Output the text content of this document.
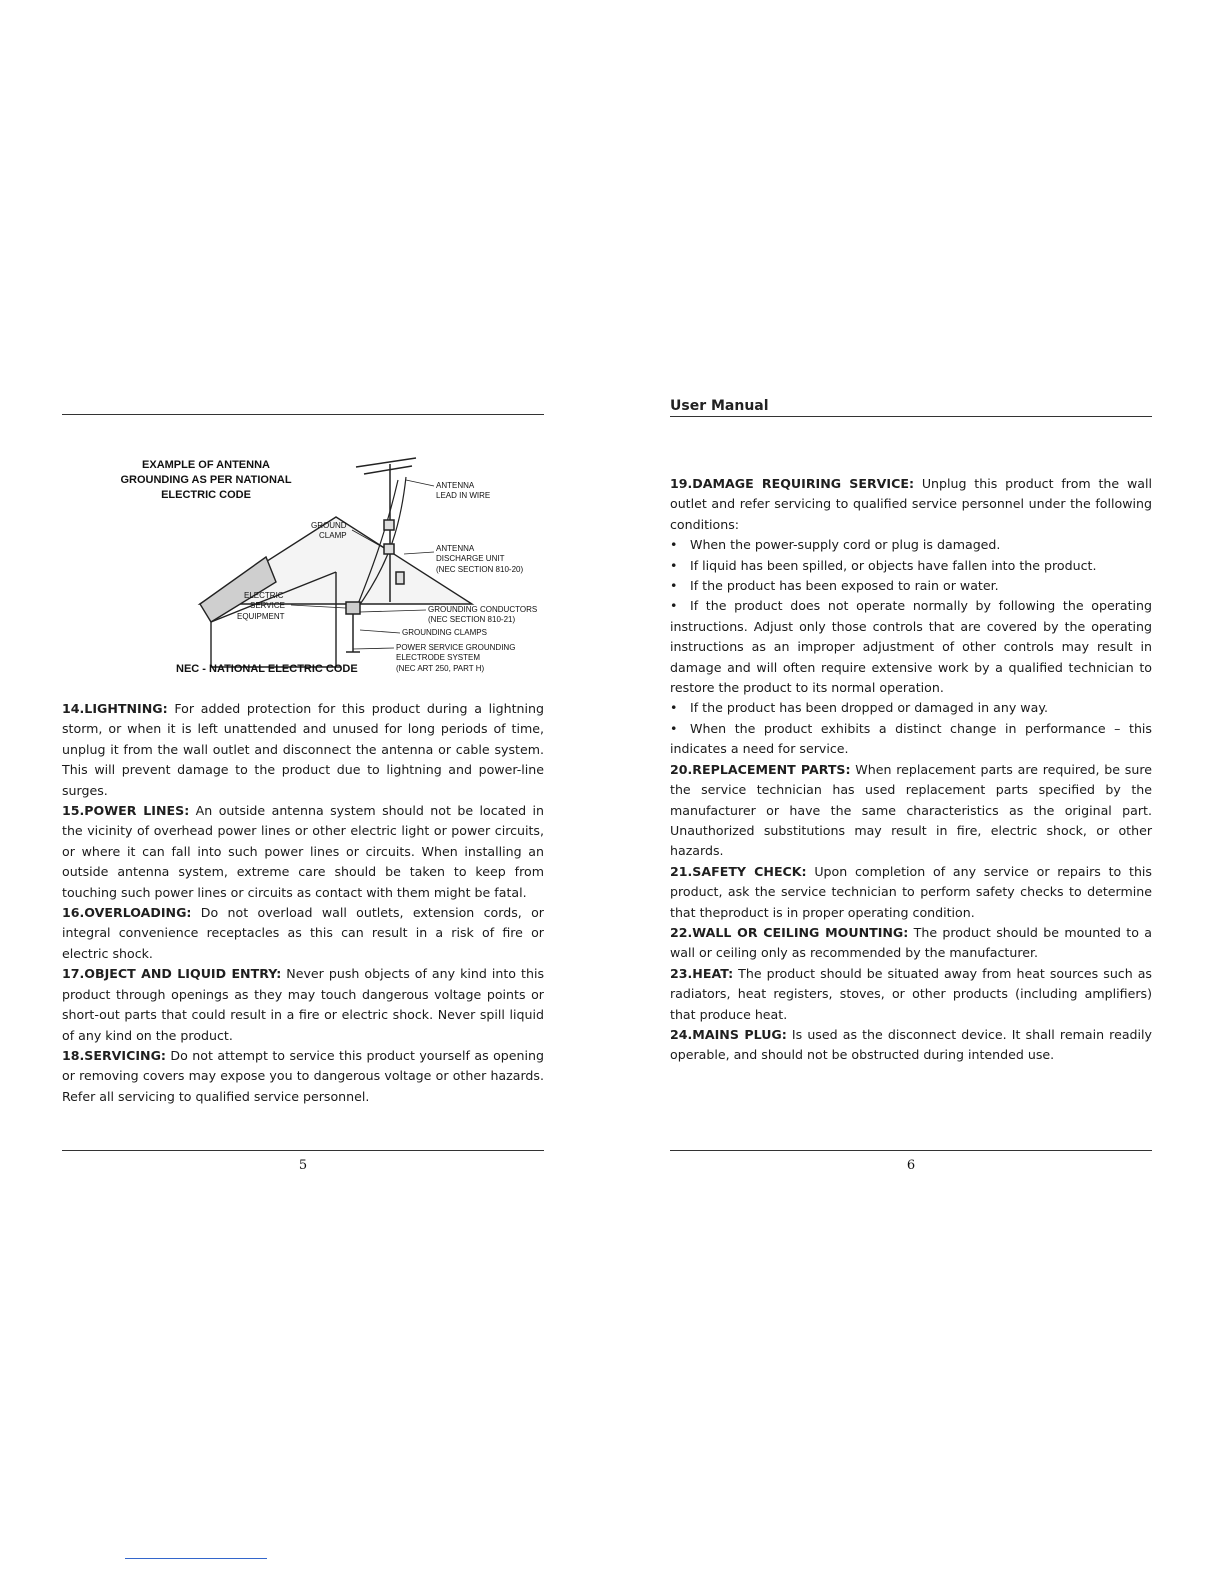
EXAMPLE OF ANTENNA
GROUNDING AS PER NATIONAL
ELECTRIC CODE
ANTENNA
LEAD IN WIRE
GROUND
CLAMP
ANTENNA
DISCHARGE UNIT
(NEC SECTION 810-20)
ELECTRIC
SERVICE
EQUIPMENT
GROUNDING CONDUCTORS
(NEC SECTION 810-21)
GROUNDING CLAMPS
POWER SERVICE GROUNDING
ELECTRODE SYSTEM
(NEC ART 250, PART H)
NEC - NATIONAL ELECTRIC CODE

14.LIGHTNING: For added protection for this product during a lightning storm, or when it is left unattended and unused for long periods of time, unplug it from the wall outlet and disconnect the antenna or cable system. This will prevent damage to the product due to lightning and power-line surges.

15.POWER LINES: An outside antenna system should not be located in the vicinity of overhead power lines or other electric light or power circuits, or where it can fall into such power lines or circuits. When installing an outside antenna system, extreme care should be taken to keep from touching such power lines or circuits as contact with them might be fatal.

16.OVERLOADING: Do not overload wall outlets, extension cords, or integral convenience receptacles as this can result in a risk of fire or electric shock.

17.OBJECT AND LIQUID ENTRY: Never push objects of any kind into this product through openings as they may touch dangerous voltage points or short-out parts that could result in a fire or electric shock. Never spill liquid of any kind on the product.

18.SERVICING: Do not attempt to service this product yourself as opening or removing covers may expose you to dangerous voltage or other hazards. Refer all servicing to qualified service personnel.

5
User Manual

19.DAMAGE REQUIRING SERVICE: Unplug this product from the wall outlet and refer servicing to qualified service personnel under the following conditions:

• When the power-supply cord or plug is damaged.

• If liquid has been spilled, or objects have fallen into the product.

• If the product has been exposed to rain or water.

• If the product does not operate normally by following the operating instructions. Adjust only those controls that are covered by the operating instructions as an improper adjustment of other controls may result in damage and will often require extensive work by a qualified technician to restore the product to its normal operation.

• If the product has been dropped or damaged in any way.

• When the product exhibits a distinct change in performance – this indicates a need for service.

20.REPLACEMENT PARTS: When replacement parts are required, be sure the service technician has used replacement parts specified by the manufacturer or have the same characteristics as the original part. Unauthorized substitutions may result in fire, electric shock, or other hazards.

21.SAFETY CHECK: Upon completion of any service or repairs to this product, ask the service technician to perform safety checks to determine that theproduct is in proper operating condition.

22.WALL OR CEILING MOUNTING: The product should be mounted to a wall or ceiling only as recommended by the manufacturer.

23.HEAT: The product should be situated away from heat sources such as radiators, heat registers, stoves, or other products (including amplifiers) that produce heat.

24.MAINS PLUG: Is used as the disconnect device. It shall remain readily operable, and should not be obstructed during intended use.

6
